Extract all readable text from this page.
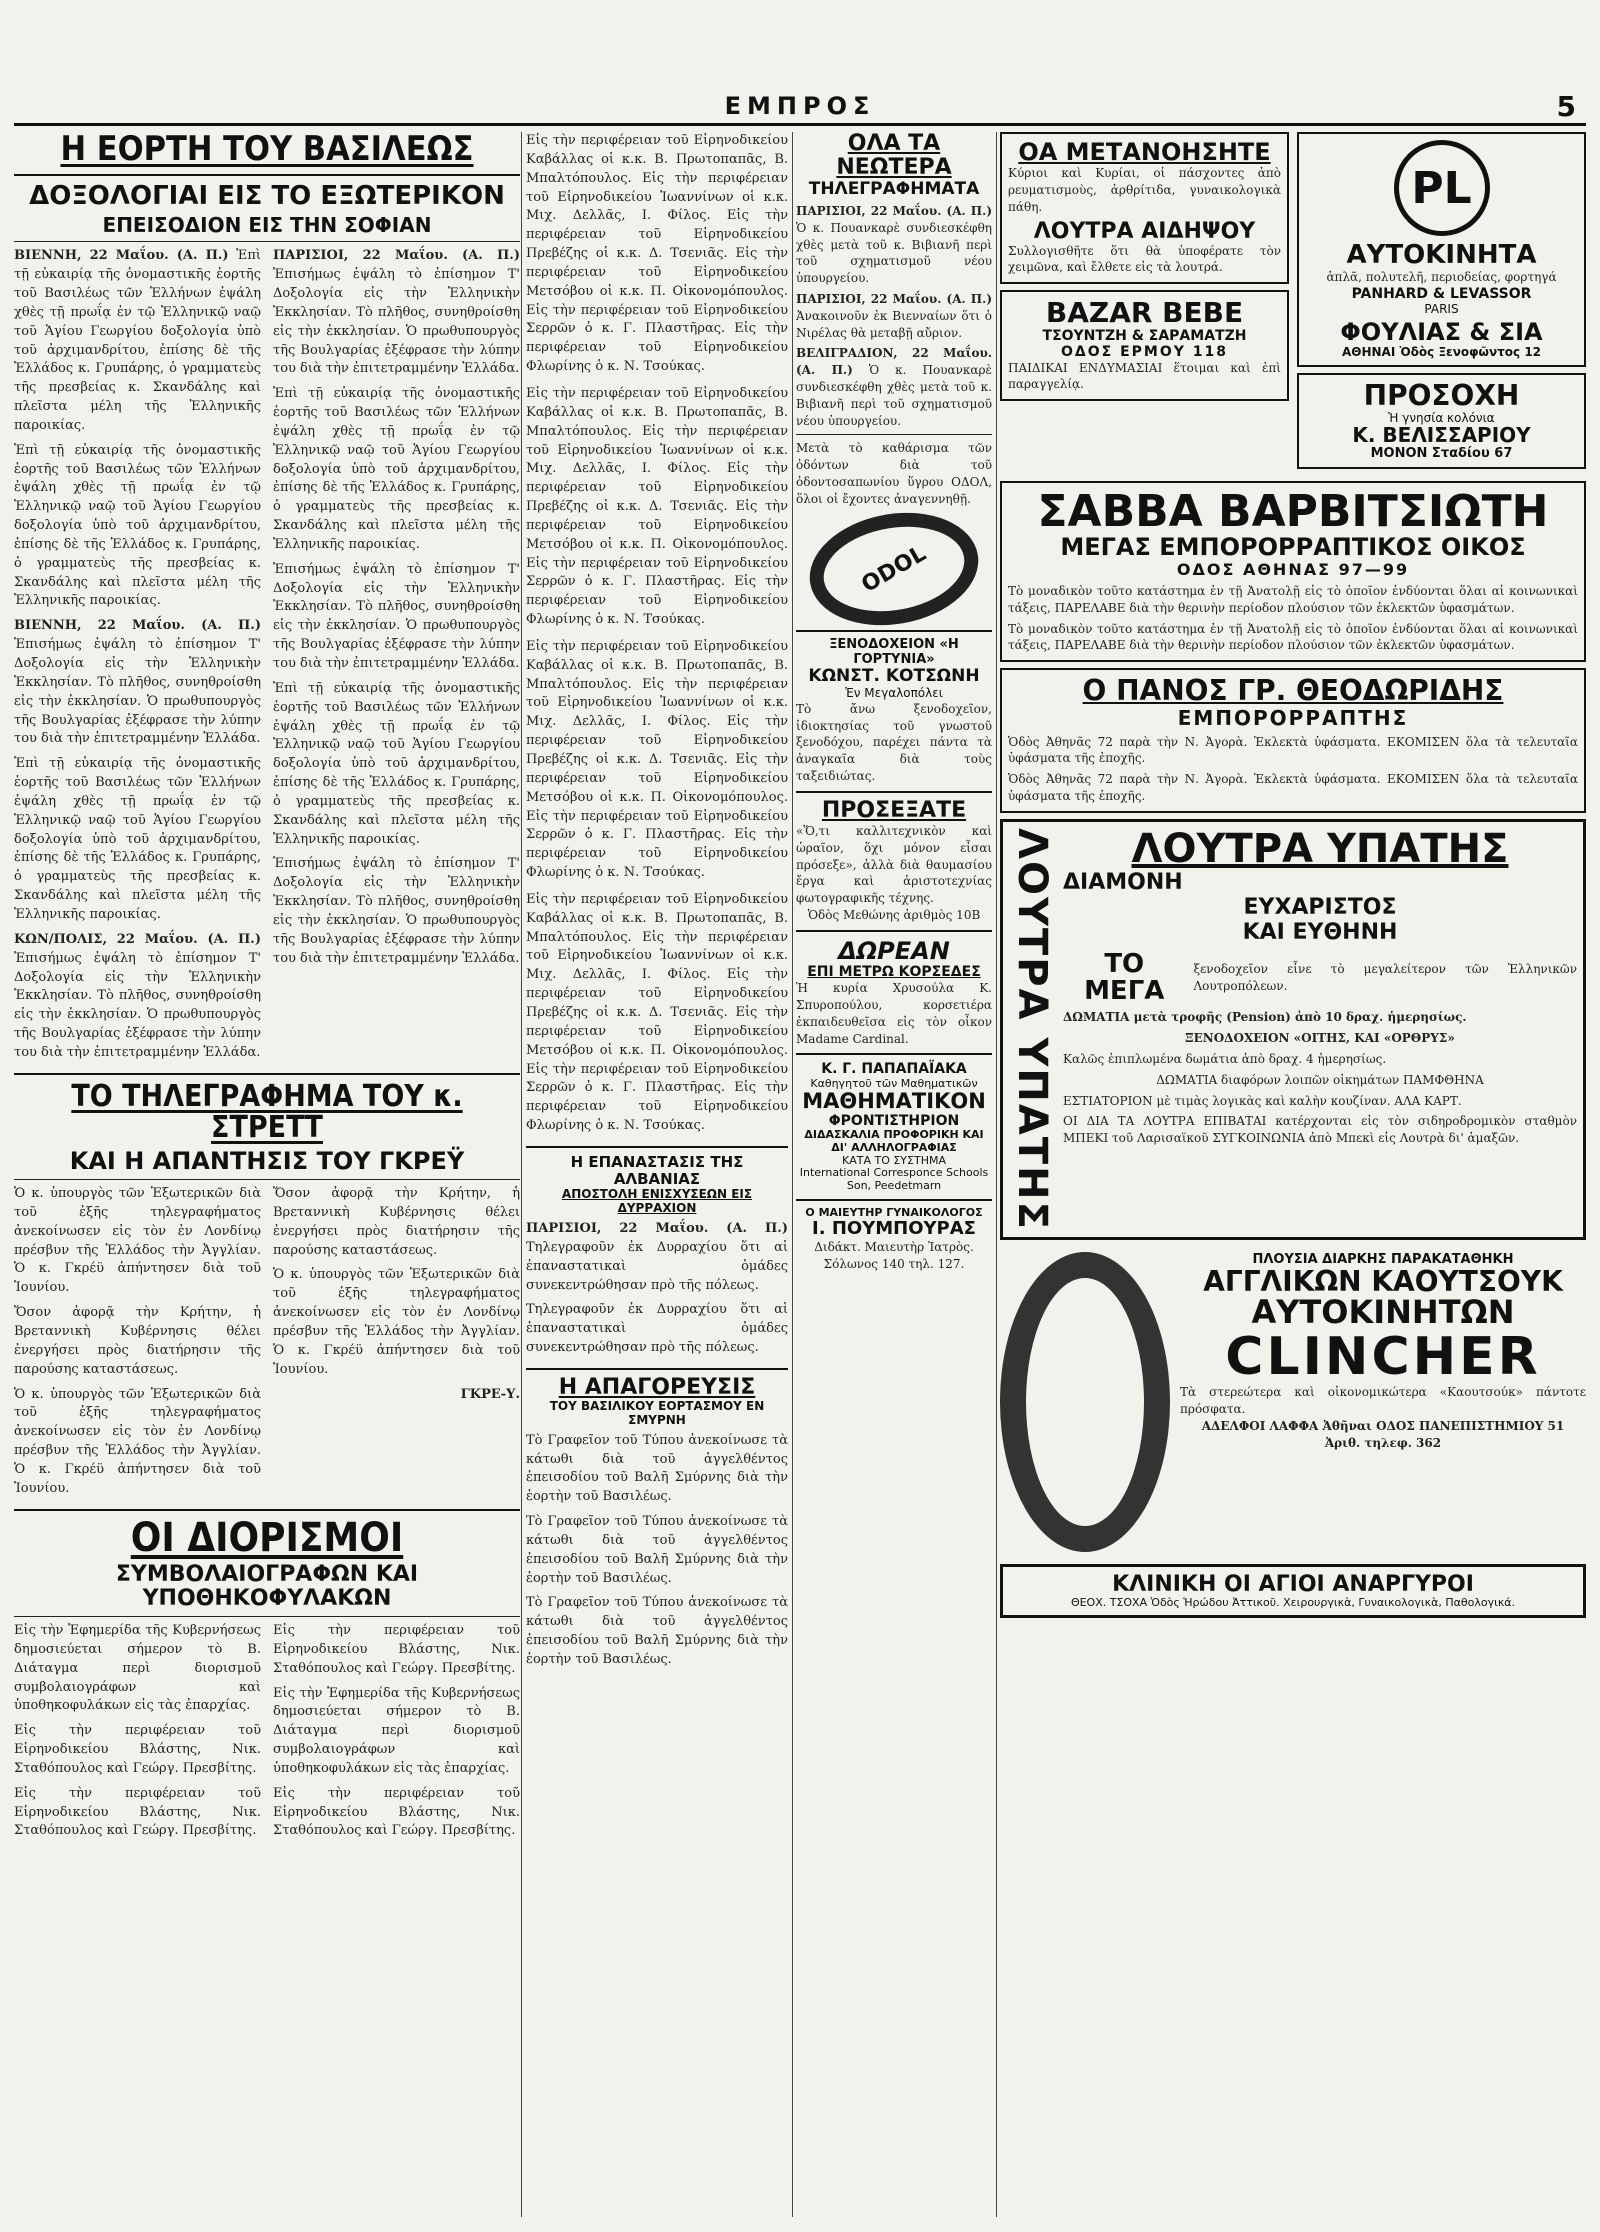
ΕΜΠΡΟΣ	5
Η ΕΟΡΤΗ ΤΟΥ ΒΑΣΙΛΕΩΣ
ΔΟΞΟΛΟΓΙΑΙ ΕΙΣ ΤΟ ΕΞΩΤΕΡΙΚΟΝ
ΕΠΕΙΣΟΔΙΟΝ ΕΙΣ ΤΗΝ ΣΟΦΙΑΝ

ΒΙΕΝΝΗ, 22 Μαΐου. (Α. Π.) Ἐπὶ τῇ εὐκαιρίᾳ τῆς ὀνομαστικῆς ἑορτῆς τοῦ Βασιλέως τῶν Ἑλλήνων ἐψάλη χθὲς τῇ πρωΐᾳ ἐν τῷ Ἑλληνικῷ ναῷ τοῦ Ἁγίου Γεωργίου δοξολογία ὑπὸ τοῦ ἀρχιμανδρίτου, ἐπίσης δὲ τῆς Ἑλλάδος κ. Γρυπάρης, ὁ γραμματεὺς τῆς πρεσβείας κ. Σκανδάλης καὶ πλεῖστα μέλη τῆς Ἑλληνικῆς παροικίας.

Ἐπὶ τῇ εὐκαιρίᾳ τῆς ὀνομαστικῆς ἑορτῆς τοῦ Βασιλέως τῶν Ἑλλήνων ἐψάλη χθὲς τῇ πρωΐᾳ ἐν τῷ Ἑλληνικῷ ναῷ τοῦ Ἁγίου Γεωργίου δοξολογία ὑπὸ τοῦ ἀρχιμανδρίτου, ἐπίσης δὲ τῆς Ἑλλάδος κ. Γρυπάρης, ὁ γραμματεὺς τῆς πρεσβείας κ. Σκανδάλης καὶ πλεῖστα μέλη τῆς Ἑλληνικῆς παροικίας.

ΒΙΕΝΝΗ, 22 Μαΐου. (Α. Π.) Ἐπισήμως ἐψάλη τὸ ἐπίσημον Τ' Δοξολογία εἰς τὴν Ἑλληνικὴν Ἐκκλησίαν. Τὸ πλῆθος, συνηθροίσθη εἰς τὴν ἐκκλησίαν. Ὁ πρωθυπουργὸς τῆς Βουλγαρίας ἐξέφρασε τὴν λύπην του διὰ τὴν ἐπιτετραμμένην Ἑλλάδα.

Ἐπὶ τῇ εὐκαιρίᾳ τῆς ὀνομαστικῆς ἑορτῆς τοῦ Βασιλέως τῶν Ἑλλήνων ἐψάλη χθὲς τῇ πρωΐᾳ ἐν τῷ Ἑλληνικῷ ναῷ τοῦ Ἁγίου Γεωργίου δοξολογία ὑπὸ τοῦ ἀρχιμανδρίτου, ἐπίσης δὲ τῆς Ἑλλάδος κ. Γρυπάρης, ὁ γραμματεὺς τῆς πρεσβείας κ. Σκανδάλης καὶ πλεῖστα μέλη τῆς Ἑλληνικῆς παροικίας.

ΚΩΝ/ΠΟΛΙΣ, 22 Μαΐου. (Α. Π.) Ἐπισήμως ἐψάλη τὸ ἐπίσημον Τ' Δοξολογία εἰς τὴν Ἑλληνικὴν Ἐκκλησίαν. Τὸ πλῆθος, συνηθροίσθη εἰς τὴν ἐκκλησίαν. Ὁ πρωθυπουργὸς τῆς Βουλγαρίας ἐξέφρασε τὴν λύπην του διὰ τὴν ἐπιτετραμμένην Ἑλλάδα.

ΠΑΡΙΣΙΟΙ, 22 Μαΐου. (Α. Π.) Ἐπισήμως ἐψάλη τὸ ἐπίσημον Τ' Δοξολογία εἰς τὴν Ἑλληνικὴν Ἐκκλησίαν. Τὸ πλῆθος, συνηθροίσθη εἰς τὴν ἐκκλησίαν. Ὁ πρωθυπουργὸς τῆς Βουλγαρίας ἐξέφρασε τὴν λύπην του διὰ τὴν ἐπιτετραμμένην Ἑλλάδα.

Ἐπὶ τῇ εὐκαιρίᾳ τῆς ὀνομαστικῆς ἑορτῆς τοῦ Βασιλέως τῶν Ἑλλήνων ἐψάλη χθὲς τῇ πρωΐᾳ ἐν τῷ Ἑλληνικῷ ναῷ τοῦ Ἁγίου Γεωργίου δοξολογία ὑπὸ τοῦ ἀρχιμανδρίτου, ἐπίσης δὲ τῆς Ἑλλάδος κ. Γρυπάρης, ὁ γραμματεὺς τῆς πρεσβείας κ. Σκανδάλης καὶ πλεῖστα μέλη τῆς Ἑλληνικῆς παροικίας.

Ἐπισήμως ἐψάλη τὸ ἐπίσημον Τ' Δοξολογία εἰς τὴν Ἑλληνικὴν Ἐκκλησίαν. Τὸ πλῆθος, συνηθροίσθη εἰς τὴν ἐκκλησίαν. Ὁ πρωθυπουργὸς τῆς Βουλγαρίας ἐξέφρασε τὴν λύπην του διὰ τὴν ἐπιτετραμμένην Ἑλλάδα.

Ἐπὶ τῇ εὐκαιρίᾳ τῆς ὀνομαστικῆς ἑορτῆς τοῦ Βασιλέως τῶν Ἑλλήνων ἐψάλη χθὲς τῇ πρωΐᾳ ἐν τῷ Ἑλληνικῷ ναῷ τοῦ Ἁγίου Γεωργίου δοξολογία ὑπὸ τοῦ ἀρχιμανδρίτου, ἐπίσης δὲ τῆς Ἑλλάδος κ. Γρυπάρης, ὁ γραμματεὺς τῆς πρεσβείας κ. Σκανδάλης καὶ πλεῖστα μέλη τῆς Ἑλληνικῆς παροικίας.

Ἐπισήμως ἐψάλη τὸ ἐπίσημον Τ' Δοξολογία εἰς τὴν Ἑλληνικὴν Ἐκκλησίαν. Τὸ πλῆθος, συνηθροίσθη εἰς τὴν ἐκκλησίαν. Ὁ πρωθυπουργὸς τῆς Βουλγαρίας ἐξέφρασε τὴν λύπην του διὰ τὴν ἐπιτετραμμένην Ἑλλάδα.

ΤΟ ΤΗΛΕΓΡΑΦΗΜΑ ΤΟΥ κ. ΣΤΡΕΤΤ
ΚΑΙ Η ΑΠΑΝΤΗΣΙΣ ΤΟΥ ΓΚΡΕΫ

Ὁ κ. ὑπουργὸς τῶν Ἐξωτερικῶν διὰ τοῦ ἐξῆς τηλεγραφήματος ἀνεκοίνωσεν εἰς τὸν ἐν Λονδίνῳ πρέσβυν τῆς Ἑλλάδος τὴν Ἀγγλίαν. Ὁ κ. Γκρέϋ ἀπήντησεν διὰ τοῦ Ἰουνίου.

Ὅσον ἀφορᾷ τὴν Κρήτην, ἡ Βρεταννικὴ Κυβέρνησις θέλει ἐνεργήσει πρὸς διατήρησιν τῆς παρούσης καταστάσεως.

Ὁ κ. ὑπουργὸς τῶν Ἐξωτερικῶν διὰ τοῦ ἐξῆς τηλεγραφήματος ἀνεκοίνωσεν εἰς τὸν ἐν Λονδίνῳ πρέσβυν τῆς Ἑλλάδος τὴν Ἀγγλίαν. Ὁ κ. Γκρέϋ ἀπήντησεν διὰ τοῦ Ἰουνίου.

Ὅσον ἀφορᾷ τὴν Κρήτην, ἡ Βρεταννικὴ Κυβέρνησις θέλει ἐνεργήσει πρὸς διατήρησιν τῆς παρούσης καταστάσεως.

Ὁ κ. ὑπουργὸς τῶν Ἐξωτερικῶν διὰ τοῦ ἐξῆς τηλεγραφήματος ἀνεκοίνωσεν εἰς τὸν ἐν Λονδίνῳ πρέσβυν τῆς Ἑλλάδος τὴν Ἀγγλίαν. Ὁ κ. Γκρέϋ ἀπήντησεν διὰ τοῦ Ἰουνίου.

ΓΚΡΕ-Υ.

ΟΙ ΔΙΟΡΙΣΜΟΙ
ΣΥΜΒΟΛΑΙΟΓΡΑΦΩΝ ΚΑΙ ΥΠΟΘΗΚΟΦΥΛΑΚΩΝ

Εἰς τὴν Ἐφημερίδα τῆς Κυβερνήσεως δημοσιεύεται σήμερον τὸ Β. Διάταγμα περὶ διορισμοῦ συμβολαιογράφων καὶ ὑποθηκοφυλάκων εἰς τὰς ἐπαρχίας.

Εἰς τὴν περιφέρειαν τοῦ Εἰρηνοδικείου Βλάστης, Νικ. Σταθόπουλος καὶ Γεώργ. Πρεσβίτης.

Εἰς τὴν περιφέρειαν τοῦ Εἰρηνοδικείου Βλάστης, Νικ. Σταθόπουλος καὶ Γεώργ. Πρεσβίτης.

Εἰς τὴν περιφέρειαν τοῦ Εἰρηνοδικείου Βλάστης, Νικ. Σταθόπουλος καὶ Γεώργ. Πρεσβίτης.

Εἰς τὴν Ἐφημερίδα τῆς Κυβερνήσεως δημοσιεύεται σήμερον τὸ Β. Διάταγμα περὶ διορισμοῦ συμβολαιογράφων καὶ ὑποθηκοφυλάκων εἰς τὰς ἐπαρχίας.

Εἰς τὴν περιφέρειαν τοῦ Εἰρηνοδικείου Βλάστης, Νικ. Σταθόπουλος καὶ Γεώργ. Πρεσβίτης.

Εἰς τὴν περιφέρειαν τοῦ Εἰρηνοδικείου Καβάλλας οἱ κ.κ. Β. Πρωτοπαπᾶς, Β. Μπαλτόπουλος. Εἰς τὴν περιφέρειαν τοῦ Εἰρηνοδικείου Ἰωαννίνων οἱ κ.κ. Μιχ. Δελλᾶς, Ι. Φίλος. Εἰς τὴν περιφέρειαν τοῦ Εἰρηνοδικείου Πρεβέζης οἱ κ.κ. Δ. Τσενιᾶς. Εἰς τὴν περιφέρειαν τοῦ Εἰρηνοδικείου Μετσόβου οἱ κ.κ. Π. Οἰκονομόπουλος. Εἰς τὴν περιφέρειαν τοῦ Εἰρηνοδικείου Σερρῶν ὁ κ. Γ. Πλαστῆρας. Εἰς τὴν περιφέρειαν τοῦ Εἰρηνοδικείου Φλωρίνης ὁ κ. Ν. Τσούκας.

Εἰς τὴν περιφέρειαν τοῦ Εἰρηνοδικείου Καβάλλας οἱ κ.κ. Β. Πρωτοπαπᾶς, Β. Μπαλτόπουλος. Εἰς τὴν περιφέρειαν τοῦ Εἰρηνοδικείου Ἰωαννίνων οἱ κ.κ. Μιχ. Δελλᾶς, Ι. Φίλος. Εἰς τὴν περιφέρειαν τοῦ Εἰρηνοδικείου Πρεβέζης οἱ κ.κ. Δ. Τσενιᾶς. Εἰς τὴν περιφέρειαν τοῦ Εἰρηνοδικείου Μετσόβου οἱ κ.κ. Π. Οἰκονομόπουλος. Εἰς τὴν περιφέρειαν τοῦ Εἰρηνοδικείου Σερρῶν ὁ κ. Γ. Πλαστῆρας. Εἰς τὴν περιφέρειαν τοῦ Εἰρηνοδικείου Φλωρίνης ὁ κ. Ν. Τσούκας.

Εἰς τὴν περιφέρειαν τοῦ Εἰρηνοδικείου Καβάλλας οἱ κ.κ. Β. Πρωτοπαπᾶς, Β. Μπαλτόπουλος. Εἰς τὴν περιφέρειαν τοῦ Εἰρηνοδικείου Ἰωαννίνων οἱ κ.κ. Μιχ. Δελλᾶς, Ι. Φίλος. Εἰς τὴν περιφέρειαν τοῦ Εἰρηνοδικείου Πρεβέζης οἱ κ.κ. Δ. Τσενιᾶς. Εἰς τὴν περιφέρειαν τοῦ Εἰρηνοδικείου Μετσόβου οἱ κ.κ. Π. Οἰκονομόπουλος. Εἰς τὴν περιφέρειαν τοῦ Εἰρηνοδικείου Σερρῶν ὁ κ. Γ. Πλαστῆρας. Εἰς τὴν περιφέρειαν τοῦ Εἰρηνοδικείου Φλωρίνης ὁ κ. Ν. Τσούκας.

Εἰς τὴν περιφέρειαν τοῦ Εἰρηνοδικείου Καβάλλας οἱ κ.κ. Β. Πρωτοπαπᾶς, Β. Μπαλτόπουλος. Εἰς τὴν περιφέρειαν τοῦ Εἰρηνοδικείου Ἰωαννίνων οἱ κ.κ. Μιχ. Δελλᾶς, Ι. Φίλος. Εἰς τὴν περιφέρειαν τοῦ Εἰρηνοδικείου Πρεβέζης οἱ κ.κ. Δ. Τσενιᾶς. Εἰς τὴν περιφέρειαν τοῦ Εἰρηνοδικείου Μετσόβου οἱ κ.κ. Π. Οἰκονομόπουλος. Εἰς τὴν περιφέρειαν τοῦ Εἰρηνοδικείου Σερρῶν ὁ κ. Γ. Πλαστῆρας. Εἰς τὴν περιφέρειαν τοῦ Εἰρηνοδικείου Φλωρίνης ὁ κ. Ν. Τσούκας.

Η ΕΠΑΝΑΣΤΑΣΙΣ ΤΗΣ ΑΛΒΑΝΙΑΣ
ΑΠΟΣΤΟΛΗ ΕΝΙΣΧΥΣΕΩΝ ΕΙΣ ΔΥΡΡΑΧΙΟΝ

ΠΑΡΙΣΙΟΙ, 22 Μαΐου. (Α. Π.) Τηλεγραφοῦν ἐκ Δυρραχίου ὅτι αἱ ἐπαναστατικαὶ ὁμάδες συνεκεντρώθησαν πρὸ τῆς πόλεως.

Τηλεγραφοῦν ἐκ Δυρραχίου ὅτι αἱ ἐπαναστατικαὶ ὁμάδες συνεκεντρώθησαν πρὸ τῆς πόλεως.

Η ΑΠΑΓΟΡΕΥΣΙΣ
ΤΟΥ ΒΑΣΙΛΙΚΟΥ ΕΟΡΤΑΣΜΟΥ ΕΝ ΣΜΥΡΝΗ

Τὸ Γραφεῖον τοῦ Τύπου ἀνεκοίνωσε τὰ κάτωθι διὰ τοῦ ἀγγελθέντος ἐπεισοδίου τοῦ Βαλῆ Σμύρνης διὰ τὴν ἑορτὴν τοῦ Βασιλέως.

Τὸ Γραφεῖον τοῦ Τύπου ἀνεκοίνωσε τὰ κάτωθι διὰ τοῦ ἀγγελθέντος ἐπεισοδίου τοῦ Βαλῆ Σμύρνης διὰ τὴν ἑορτὴν τοῦ Βασιλέως.

Τὸ Γραφεῖον τοῦ Τύπου ἀνεκοίνωσε τὰ κάτωθι διὰ τοῦ ἀγγελθέντος ἐπεισοδίου τοῦ Βαλῆ Σμύρνης διὰ τὴν ἑορτὴν τοῦ Βασιλέως.

ΟΛΑ ΤΑ ΝΕΩΤΕΡΑ
ΤΗΛΕΓΡΑΦΗΜΑΤΑ

ΠΑΡΙΣΙΟΙ, 22 Μαΐου. (Α. Π.) Ὁ κ. Πουανκαρὲ συνδιεσκέφθη χθὲς μετὰ τοῦ κ. Βιβιανῆ περὶ τοῦ σχηματισμοῦ νέου ὑπουργείου.

ΠΑΡΙΣΙΟΙ, 22 Μαΐου. (Α. Π.) Ἀνακοινοῦν ἐκ Βιενναίων ὅτι ὁ Νιρέλας θὰ μεταβῇ αὔριον.

ΒΕΛΙΓΡΑΔΙΟΝ, 22 Μαΐου. (Α. Π.) Ὁ κ. Πουανκαρὲ συνδιεσκέφθη χθὲς μετὰ τοῦ κ. Βιβιανῆ περὶ τοῦ σχηματισμοῦ νέου ὑπουργείου.

Μετὰ τὸ καθάρισμα τῶν ὀδόντων διὰ τοῦ ὀδοντοσαπωνίου ὕγρου ΟΔΟΛ, ὅλοι οἱ ἔχοντες ἀναγεννηθῇ.

ODOL
ΞΕΝΟΔΟΧΕΙΟΝ «Η ΓΟΡΤΥΝΙΑ»
ΚΩΝΣΤ. ΚΟΤΣΩΝΗ
Ἐν Μεγαλοπόλει

Τὸ ἄνω ξενοδοχεῖον, ἰδιοκτησίας τοῦ γνωστοῦ ξενοδόχου, παρέχει πάντα τὰ ἀναγκαῖα διὰ τοὺς ταξειδιώτας.

ΠΡΟΣΕΞΑΤΕ

«Ὅ,τι καλλιτεχνικὸν καὶ ὡραῖον, ὅχι μόνον εἶσαι πρόσεξε», ἀλλὰ διὰ θαυμασίου ἔργα καὶ ἀριστοτεχνίας φωτογραφικῆς τέχνης.

Ὁδὸς Μεθώνης ἀριθμὸς 10Β

ΔΩΡΕΑΝ
ΕΠΙ ΜΕΤΡΩ ΚΟΡΣΕΔΕΣ

Ἡ κυρία Χρυσούλα Κ. Σπυροπούλου, κορσετιέρα ἐκπαιδευθεῖσα εἰς τὸν οἶκον Madame Cardinal.

Κ. Γ. ΠΑΠΑΠΑΪΑΚΑ
Καθηγητοῦ τῶν Μαθηματικῶν
ΜΑΘΗΜΑΤΙΚΟΝ
ΦΡΟΝΤΙΣΤΗΡΙΟΝ
ΔΙΔΑΣΚΑΛΙΑ ΠΡΟΦΟΡΙΚΗ ΚΑΙ ΔΙ' ΑΛΛΗΛΟΓΡΑΦΙΑΣ
ΚΑΤΑ ΤΟ ΣΥΣΤΗΜΑ
International Corresponce Schools Son, Peedetmarn
Ο ΜΑΙΕΥΤΗΡ ΓΥΝΑΙΚΟΛΟΓΟΣ
Ι. ΠΟΥΜΠΟΥΡΑΣ

Διδάκτ. Μαιευτὴρ Ἰατρὸς. Σόλωνος 140 τηλ. 127.

ΟΑ ΜΕΤΑΝΟΗΣΗΤΕ

Κύριοι καὶ Κυρίαι, οἱ πάσχοντες ἀπὸ ρευματισμοὺς, ἀρθρίτιδα, γυναικολογικὰ πάθη.

ΛΟΥΤΡΑ ΑΙΔΗΨΟΥ

Συλλογισθῆτε ὅτι θὰ ὑποφέρατε τὸν χειμῶνα, καὶ ἔλθετε εἰς τὰ λουτρά.

BAZAR BEBE
ΤΣΟΥΝΤΖΗ & ΣΑΡΑΜΑΤΖΗ
ΟΔΟΣ ΕΡΜΟΥ 118

ΠΑΙΔΙΚΑΙ ΕΝΔΥΜΑΣΙΑΙ ἕτοιμαι καὶ ἐπὶ παραγγελίᾳ.

PL
ΑΥΤΟΚΙΝΗΤΑ

ἁπλᾶ, πολυτελῆ, περιοδείας, φορτηγά

PANHARD & LEVASSOR
PARIS
ΦΟΥΛΙΑΣ & ΣΙΑ
ΑΘΗΝΑΙ Ὁδὸς Ξενοφῶντος 12
ΠΡΟΣΟΧΗ
Ἡ γνησία κολόνια
Κ. ΒΕΛΙΣΣΑΡΙΟΥ
ΜΟΝΟΝ Σταδίου 67
ΣΑΒΒΑ ΒΑΡΒΙΤΣΙΩΤΗ
ΜΕΓΑΣ ΕΜΠΟΡΟΡΡΑΠΤΙΚΟΣ ΟΙΚΟΣ
ΟΔΟΣ ΑΘΗΝΑΣ 97—99

Τὸ μοναδικὸν τοῦτο κατάστημα ἐν τῇ Ἀνατολῇ εἰς τὸ ὁποῖον ἐνδύονται ὅλαι αἱ κοινωνικαὶ τάξεις, ΠΑΡΕΛΑΒΕ διὰ τὴν θερινὴν περίοδον πλούσιον τῶν ἐκλεκτῶν ὑφασμάτων.

Τὸ μοναδικὸν τοῦτο κατάστημα ἐν τῇ Ἀνατολῇ εἰς τὸ ὁποῖον ἐνδύονται ὅλαι αἱ κοινωνικαὶ τάξεις, ΠΑΡΕΛΑΒΕ διὰ τὴν θερινὴν περίοδον πλούσιον τῶν ἐκλεκτῶν ὑφασμάτων.

Ο ΠΑΝΟΣ ΓΡ. ΘΕΟΔΩΡΙΔΗΣ
ΕΜΠΟΡΟΡΡΑΠΤΗΣ

Ὁδὸς Ἀθηνᾶς 72 παρὰ τὴν Ν. Ἀγορὰ. Ἐκλεκτὰ ὑφάσματα. ΕΚΟΜΙΣΕΝ ὅλα τὰ τελευταῖα ὑφάσματα τῆς ἐποχῆς.

Ὁδὸς Ἀθηνᾶς 72 παρὰ τὴν Ν. Ἀγορὰ. Ἐκλεκτὰ ὑφάσματα. ΕΚΟΜΙΣΕΝ ὅλα τὰ τελευταῖα ὑφάσματα τῆς ἐποχῆς.

ΛΟΥΤΡΑ ΥΠΑΤΗΣ	ΛΟΥΤΡΑ ΥΠΑΤΗΣ
ΔΙΑΜΟΝΗ
ΕΥΧΑΡΙΣΤΟΣ
ΚΑΙ ΕΥΘΗΝΗ
ΤΟ ΜΕΓΑ
ξενοδοχεῖον εἶνε τὸ μεγαλείτερον τῶν Ἑλληνικῶν Λουτροπόλεων.

ΔΩΜΑΤΙΑ μετὰ τροφῆς (Pension) ἀπὸ 10 δραχ. ἡμερησίως.

ΞΕΝΟΔΟΧΕΙΟΝ «ΟΙΤΗΣ, ΚΑΙ «ΟΡΘΡΥΣ»

Καλῶς ἐπιπλωμένα δωμάτια ἀπὸ δραχ. 4 ἡμερησίως.

ΔΩΜΑΤΙΑ διαφόρων λοιπῶν οἰκημάτων ΠΑΜΦΘΗΝΑ

ΕΣΤΙΑΤΟΡΙΟΝ μὲ τιμὰς λογικὰς καὶ καλὴν κουζίναν. ΑΛΑ ΚΑΡΤ.

ΟΙ ΔΙΑ ΤΑ ΛΟΥΤΡΑ ΕΠΙΒΑΤΑΙ κατέρχονται εἰς τὸν σιδηροδρομικὸν σταθμὸν ΜΠΕΚΙ τοῦ Λαρισαϊκοῦ ΣΥΓΚΟΙΝΩΝΙΑ ἀπὸ Μπεκὶ εἰς Λουτρὰ δι' ἁμαξῶν.

ΠΛΟΥΣΙΑ ΔΙΑΡΚΗΣ ΠΑΡΑΚΑΤΑΘΗΚΗ
ΑΓΓΛΙΚΩΝ ΚΑΟΥΤΣΟΥΚ
ΑΥΤΟΚΙΝΗΤΩΝ
CLINCHER

Τὰ στερεώτερα καὶ οἰκονομικώτερα «Καουτσούκ» πάντοτε πρόσφατα.

ΑΔΕΛΦΟΙ ΛΑΦΦΑ Ἀθῆναι ΟΔΟΣ ΠΑΝΕΠΙΣΤΗΜΙΟΥ 51

Ἀριθ. τηλεφ. 362

ΚΛΙΝΙΚΗ ΟΙ ΑΓΙΟΙ ΑΝΑΡΓΥΡΟΙ
ΘΕΟΧ. ΤΣΟΧΑ Ὁδὸς Ἡρώδου Ἀττικοῦ. Χειρουργικὰ, Γυναικολογικὰ, Παθολογικά.
